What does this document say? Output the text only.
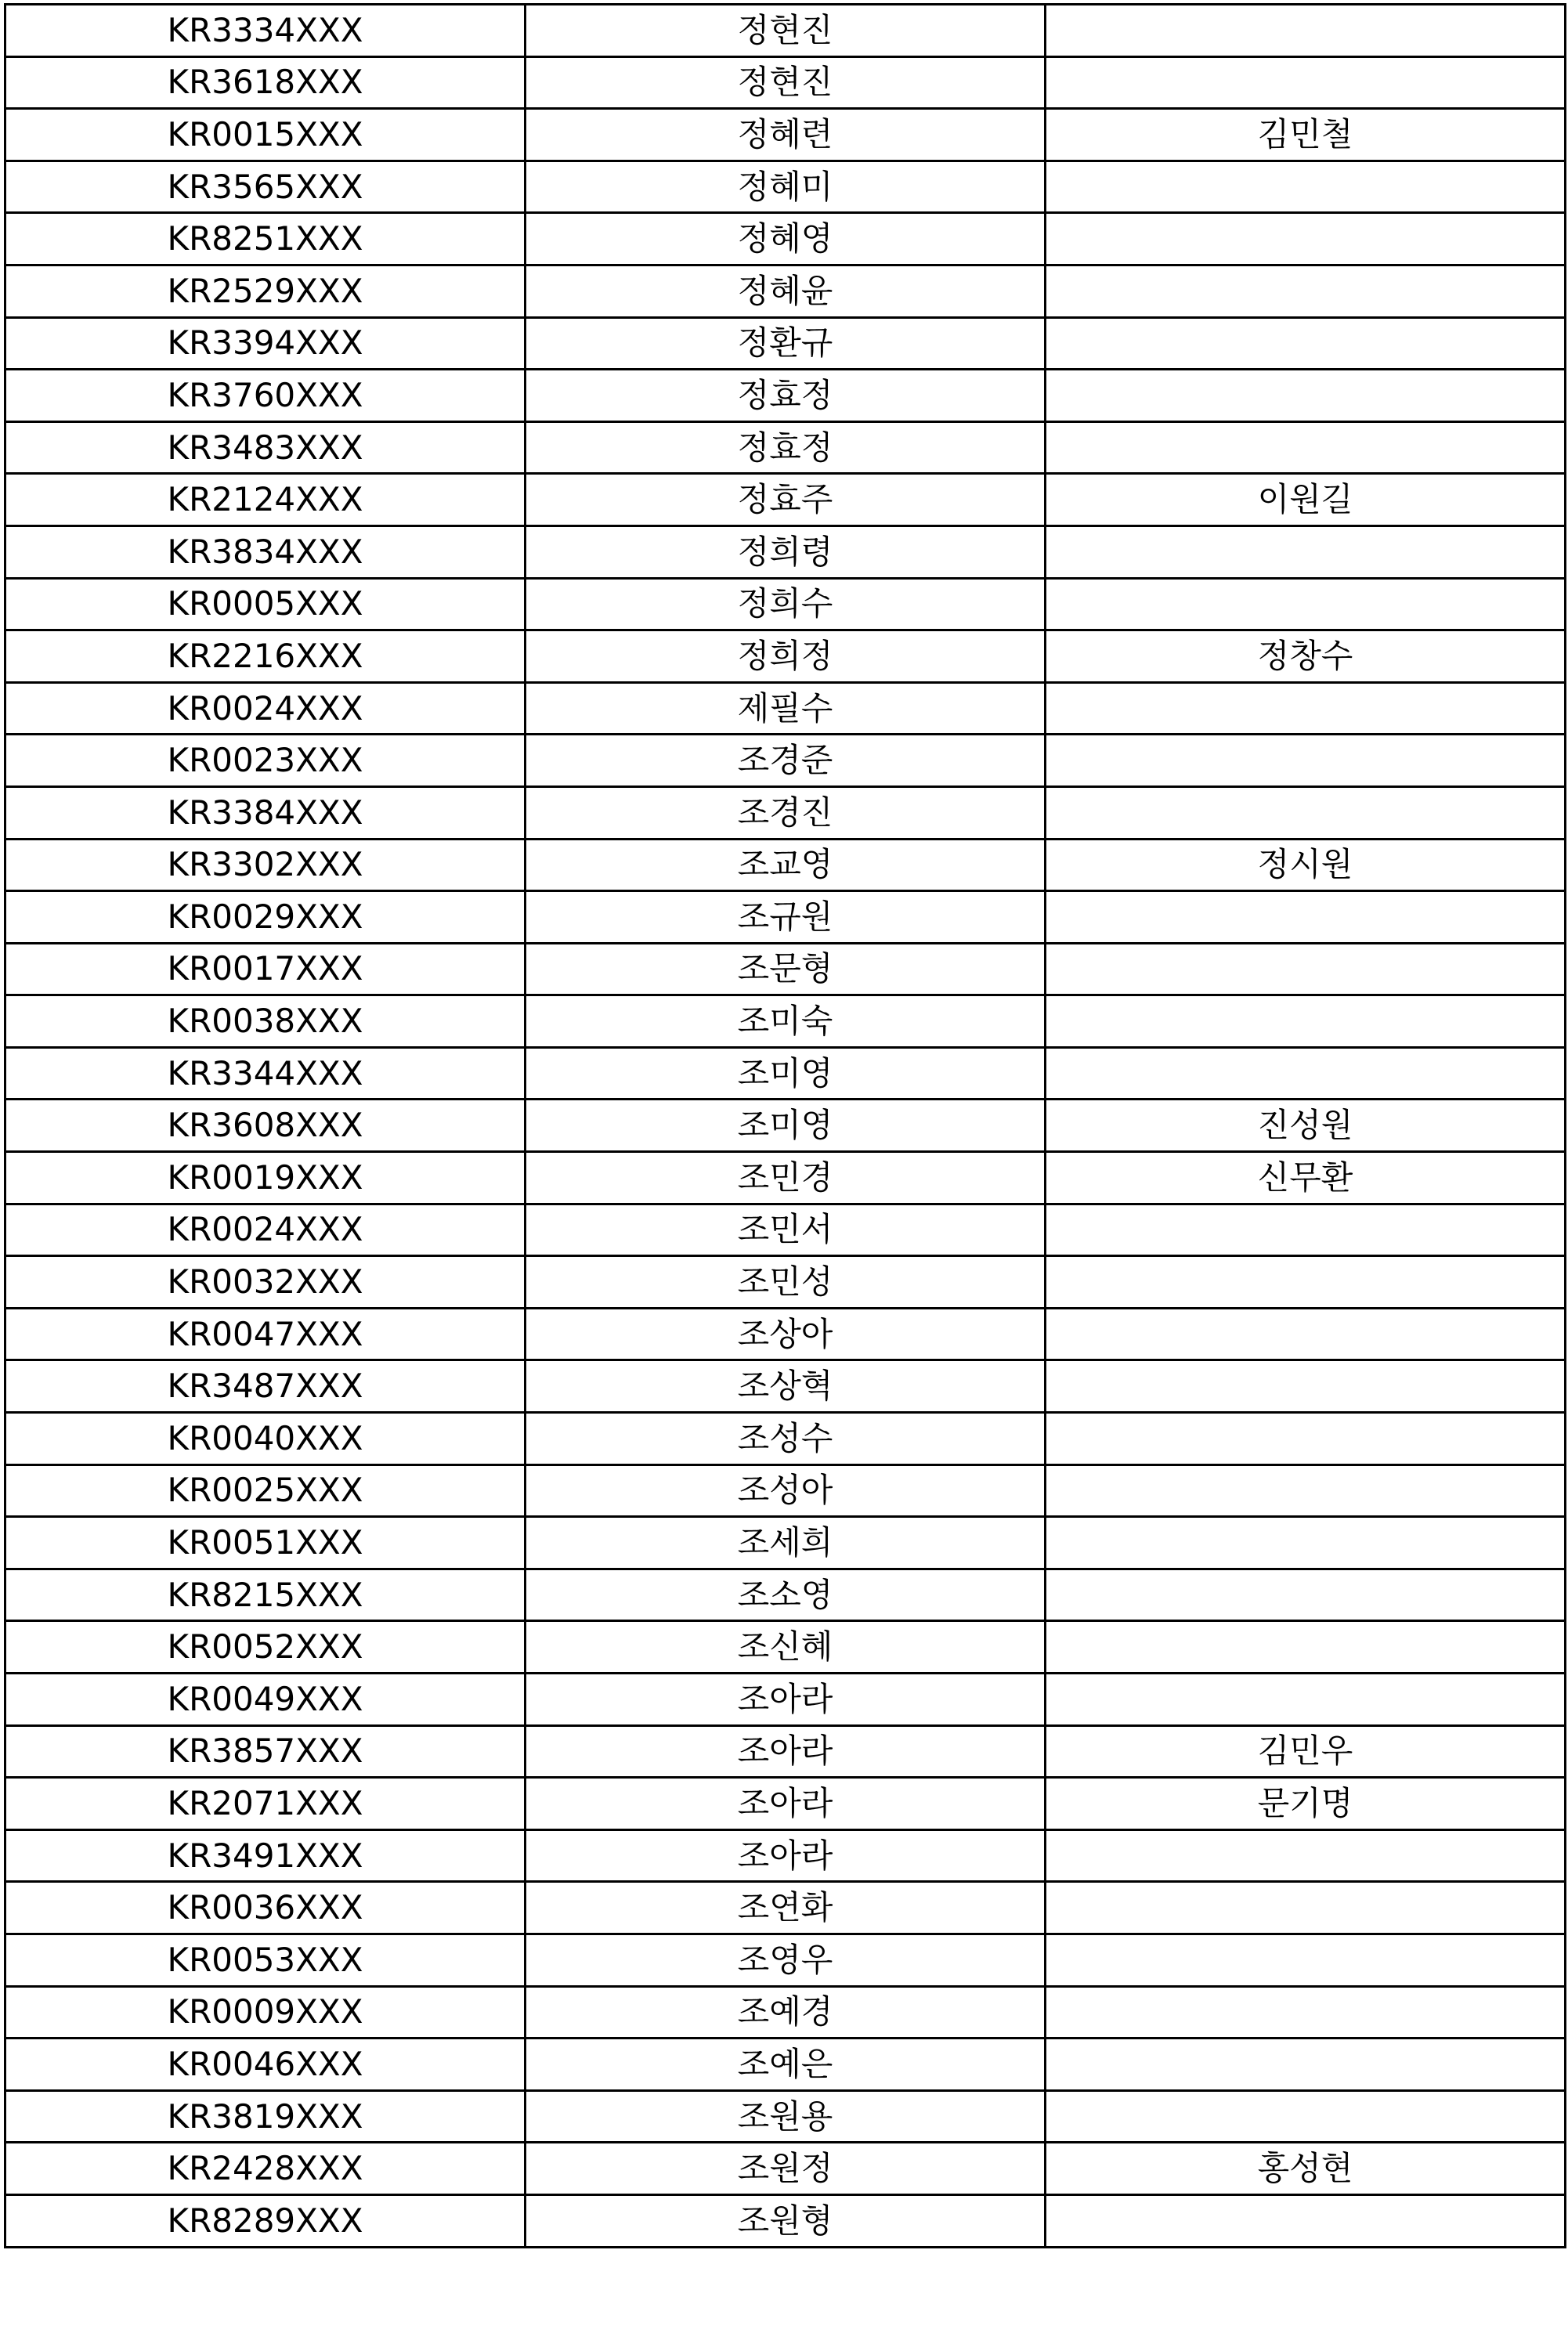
KR3334XXX	정현진	
KR3618XXX	정현진	
KR0015XXX	정혜련	김민철
KR3565XXX	정혜미	
KR8251XXX	정혜영	
KR2529XXX	정혜윤	
KR3394XXX	정환규	
KR3760XXX	정효정	
KR3483XXX	정효정	
KR2124XXX	정효주	이원길
KR3834XXX	정희령	
KR0005XXX	정희수	
KR2216XXX	정희정	정창수
KR0024XXX	제필수	
KR0023XXX	조경준	
KR3384XXX	조경진	
KR3302XXX	조교영	정시원
KR0029XXX	조규원	
KR0017XXX	조문형	
KR0038XXX	조미숙	
KR3344XXX	조미영	
KR3608XXX	조미영	진성원
KR0019XXX	조민경	신무환
KR0024XXX	조민서	
KR0032XXX	조민성	
KR0047XXX	조상아	
KR3487XXX	조상혁	
KR0040XXX	조성수	
KR0025XXX	조성아	
KR0051XXX	조세희	
KR8215XXX	조소영	
KR0052XXX	조신혜	
KR0049XXX	조아라	
KR3857XXX	조아라	김민우
KR2071XXX	조아라	문기명
KR3491XXX	조아라	
KR0036XXX	조연화	
KR0053XXX	조영우	
KR0009XXX	조예경	
KR0046XXX	조예은	
KR3819XXX	조원용	
KR2428XXX	조원정	홍성현
KR8289XXX	조원형	
